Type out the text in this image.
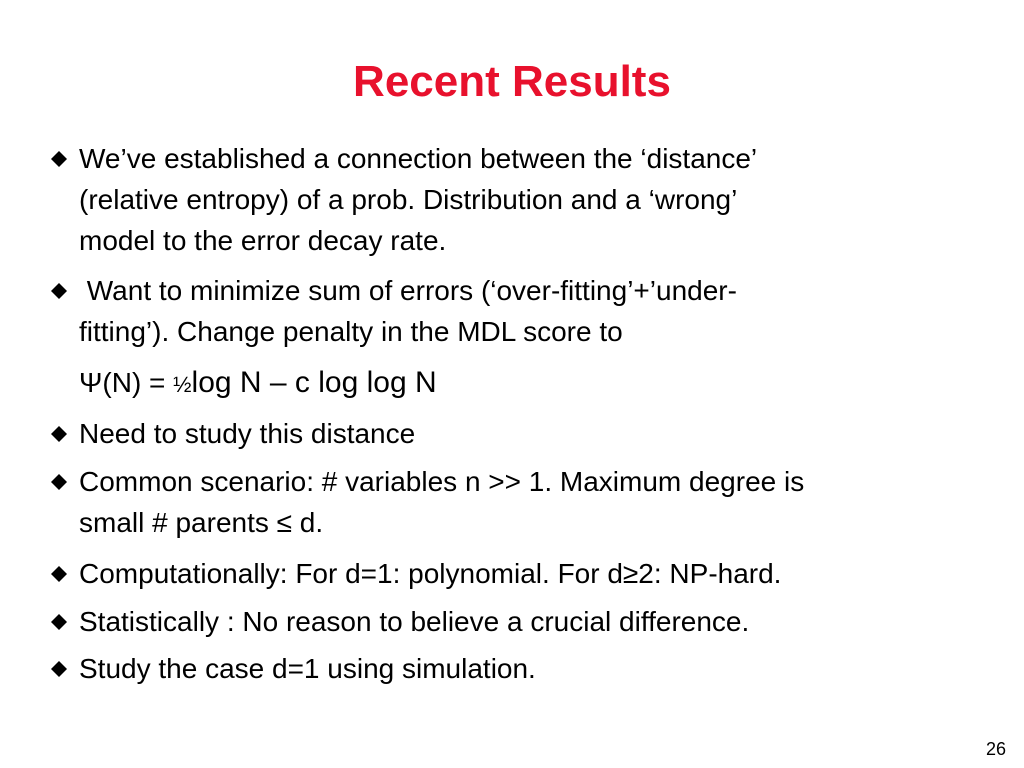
Recent Results
We’ve established a connection between the ‘distance’
(relative entropy) of a prob. Distribution and a ‘wrong’
model to the error decay rate.
Want to minimize sum of errors (‘over-fitting’+’under-
fitting’). Change penalty in the MDL score to
Ψ(N) = ½log N – c log log N
Need to study this distance
Common scenario: # variables n >> 1. Maximum degree is
small # parents ≤ d.
Computationally: For d=1: polynomial. For d≥2: NP-hard.
Statistically : No reason to believe a crucial difference.
Study the case d=1 using simulation.
26
